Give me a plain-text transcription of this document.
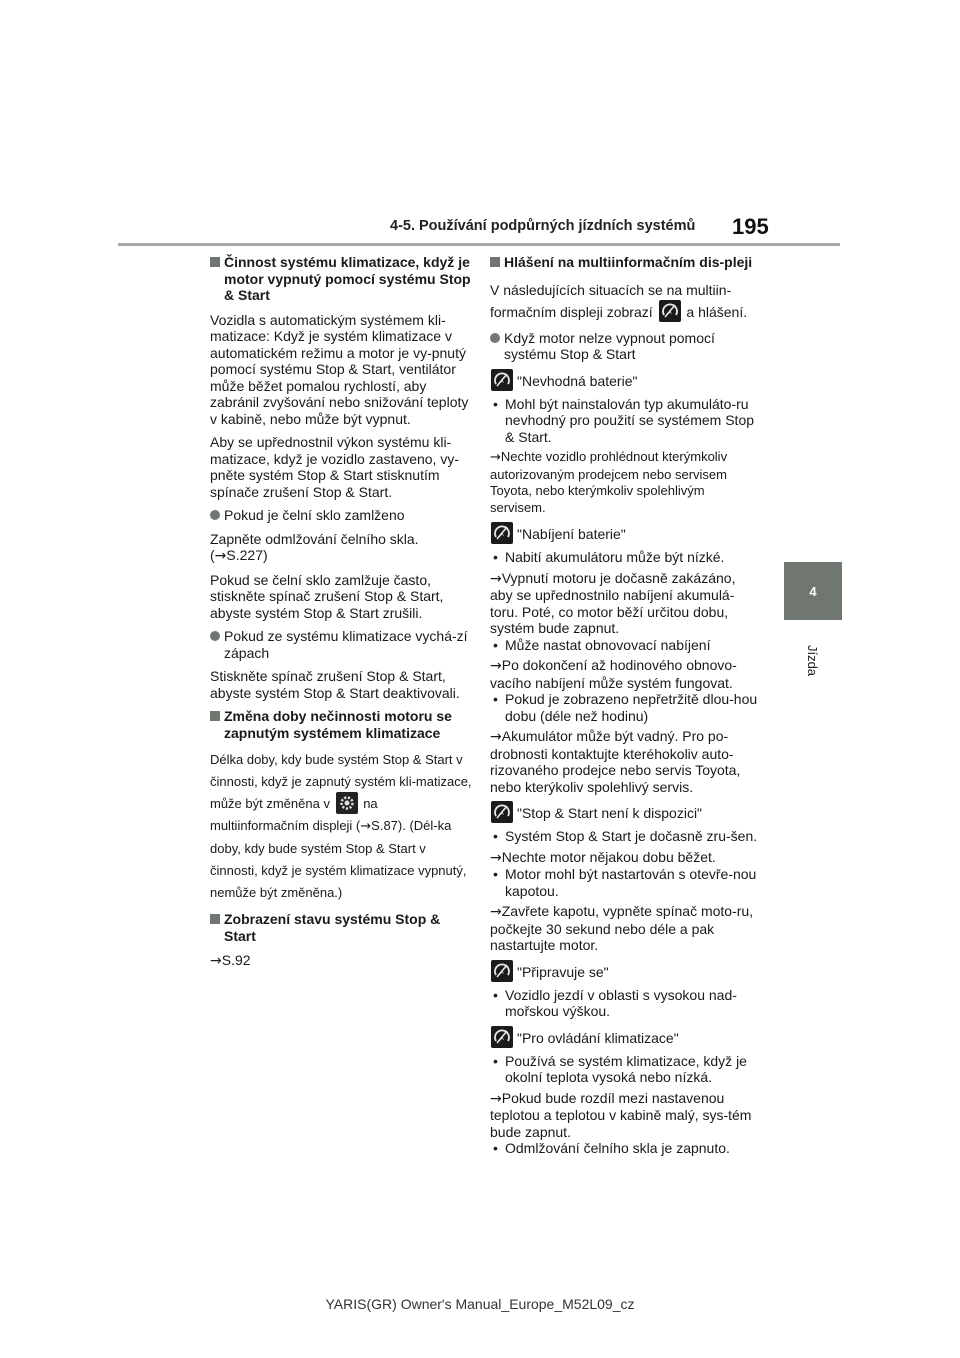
4-5. Používání podpůrných jízdních systémů 195
4
Jízda
Činnost systému klimatizace, když je motor vypnutý pomocí systému Stop & Start

Vozidla s automatickým systémem kli-matizace: Když je systém klimatizace v automatickém režimu a motor je vy-pnutý pomocí systému Stop & Start, ventilátor může běžet pomalou rychlostí, aby zabránil zvyšování nebo snižování teploty v kabině, nebo může být vypnut.

Aby se upřednostnil výkon systému kli-matizace, když je vozidlo zastaveno, vy-pněte systém Stop & Start stisknutím spínače zrušení Stop & Start.

Pokud je čelní sklo zamlženo

Zapněte odmlžování čelního skla. (→S.227)

Pokud se čelní sklo zamlžuje často, stiskněte spínač zrušení Stop & Start, abyste systém Stop & Start zrušili.

Pokud ze systému klimatizace vychá-zí zápach

Stiskněte spínač zrušení Stop & Start, abyste systém Stop & Start deaktivovali.

Změna doby nečinnosti motoru se zapnutým systémem klimatizace

Délka doby, kdy bude systém Stop & Start v činnosti, když je zapnutý systém kli-matizace, může být změněna v	na multiinformačním displeji (→S.87). (Dél-ka doby, kdy bude systém Stop & Start v činnosti, když je systém klimatizace vypnutý, nemůže být změněna.)

Zobrazení stavu systému Stop & Start

→S.92

Hlášení na multiinformačním dis-pleji

V následujících situacích se na multiin-formačním displeji zobrazí	A a hlášení.

Když motor nelze vypnout pomocí systému Stop & Start
A "Nevhodná baterie"
• Mohl být nainstalován typ akumuláto-ru nevhodný pro použití se systémem Stop & Start.

→Nechte vozidlo prohlédnout kterýmkoliv autorizovaným prodejcem nebo servisem Toyota, nebo kterýmkoliv spolehlivým servisem.

A "Nabíjení baterie"
• Nabití akumulátoru může být nízké.

→Vypnutí motoru je dočasně zakázáno, aby se upřednostnilo nabíjení akumulá-toru. Poté, co motor běží určitou dobu, systém bude zapnut.

• Může nastat obnovovací nabíjení

→Po dokončení až hodinového obnovo-vacího nabíjení může systém fungovat.

• Pokud je zobrazeno nepřetržitě dlou-hou dobu (déle než hodinu)

→Akumulátor může být vadný. Pro po-drobnosti kontaktujte kteréhokoliv auto-rizovaného prodejce nebo servis Toyota, nebo kterýkoliv spolehlivý servis.

A "Stop & Start není k dispozici"
• Systém Stop & Start je dočasně zru-šen.

→Nechte motor nějakou dobu běžet.

• Motor mohl být nastartován s otevře-nou kapotou.

→Zavřete kapotu, vypněte spínač moto-ru, počkejte 30 sekund nebo déle a pak nastartujte motor.

A "Připravuje se"
• Vozidlo jezdí v oblasti s vysokou nad-mořskou výškou.
A "Pro ovládání klimatizace"
• Používá se systém klimatizace, když je okolní teplota vysoká nebo nízká.

→Pokud bude rozdíl mezi nastavenou teplotou a teplotou v kabině malý, sys-tém bude zapnut.

• Odmlžování čelního skla je zapnuto.
YARIS(GR) Owner's Manual_Europe_M52L09_cz
